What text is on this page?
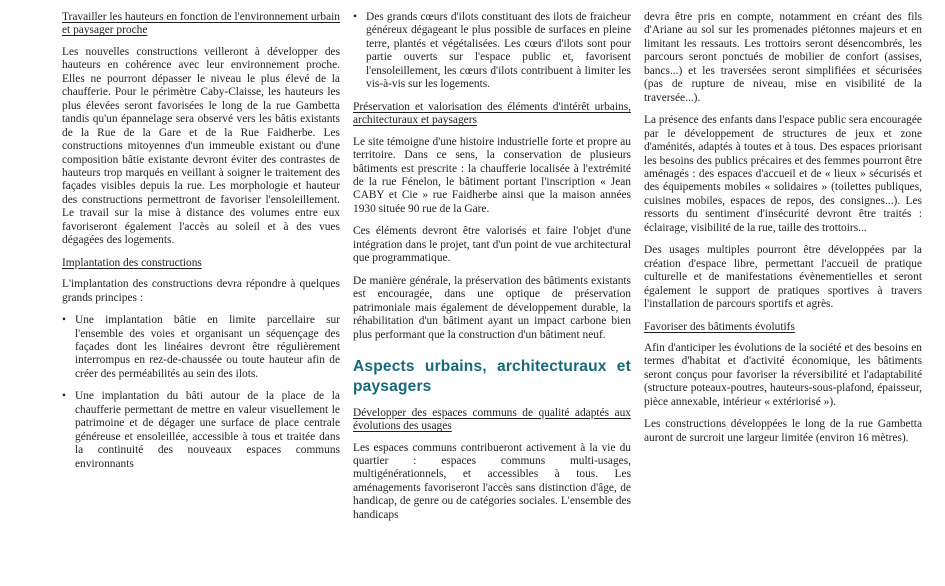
Travailler les hauteurs en fonction de l'environnement urbain et paysager proche

Les nouvelles constructions veilleront à développer des hauteurs en cohérence avec leur environnement proche. Elles ne pourront dépasser le niveau le plus élevé de la chaufferie. Pour le périmètre Caby-Claisse, les hauteurs les plus élevées seront favorisées le long de la rue Gambetta tandis qu'un épannelage sera observé vers les bâtis existants de la Rue de la Gare et de la Rue Faidherbe. Les constructions mitoyennes d'un immeuble existant ou d'une composition bâtie existante devront éviter des contrastes de hauteurs trop marqués en veillant à soigner le traitement des façades visibles depuis la rue. Les morphologie et hauteur des constructions permettront de favoriser l'ensoleillement. Le travail sur la mise à distance des volumes entre eux favoriseront également l'accès au soleil et à des vues dégagées des logements.

Implantation des constructions

L'implantation des constructions devra répondre à quelques grands principes :

• Une implantation bâtie en limite parcellaire sur l'ensemble des voies et organisant un séquençage des façades dont les linéaires devront être régulièrement interrompus en rez-de-chaussée ou toute hauteur afin de créer des perméabilités au sein des ilots.
• Une implantation du bâti autour de la place de la chaufferie permettant de mettre en valeur visuellement le patrimoine et de dégager une surface de place centrale généreuse et ensoleillée, accessible à tous et traitée dans la continuité des nouveaux espaces communs environnants
• Des grands cœurs d'ilots constituant des ilots de fraicheur généreux dégageant le plus possible de surfaces en pleine terre, plantés et végétalisées. Les cœurs d'ilots sont pour partie ouverts sur l'espace public et, favorisent l'ensoleillement, les cœurs d'ilots contribuent à limiter les vis-à-vis sur les logements.
Préservation et valorisation des éléments d'intérêt urbains, architecturaux et paysagers

Le site témoigne d'une histoire industrielle forte et propre au territoire. Dans ce sens, la conservation de plusieurs bâtiments est prescrite : la chaufferie localisée à l'extrémité de la rue Fénelon, le bâtiment portant l'inscription « Jean CABY et Cie » rue Faidherbe ainsi que la maison années 1930 située 90 rue de la Gare.

Ces éléments devront être valorisés et faire l'objet d'une intégration dans le projet, tant d'un point de vue architectural que programmatique.

De manière générale, la préservation des bâtiments existants est encouragée, dans une optique de préservation patrimoniale mais également de développement durable, la réhabilitation d'un bâtiment ayant un impact carbone bien plus performant que la construction d'un bâtiment neuf.

Aspects urbains, architecturaux et paysagers
Développer des espaces communs de qualité adaptés aux évolutions des usages

Les espaces communs contribueront activement à la vie du quartier : espaces communs multi-usages, multigénérationnels, et accessibles à tous. Les aménagements favoriseront l'accès sans distinction d'âge, de handicap, de genre ou de catégories sociales. L'ensemble des handicaps

devra être pris en compte, notamment en créant des fils d'Ariane au sol sur les promenades piétonnes majeurs et en limitant les ressauts. Les trottoirs seront désencombrés, les parcours seront ponctués de mobilier de confort (assises, bancs...) et les traversées seront simplifiées et sécurisées (pas de rupture de niveau, mise en visibilité de la traversée...).

La présence des enfants dans l'espace public sera encouragée par le développement de structures de jeux et zone d'aménités, adaptés à toutes et à tous. Des espaces priorisant les besoins des publics précaires et des femmes pourront être aménagés : des espaces d'accueil et de « lieux » sécurisés et des équipements mobiles « solidaires » (toilettes publiques, cuisines mobiles, espaces de repos, des consignes...). Les ressorts du sentiment d'insécurité devront être traités : éclairage, visibilité de la rue, taille des trottoirs...

Des usages multiples pourront être développées par la création d'espace libre, permettant l'accueil de pratique culturelle et de manifestations évènementielles et seront également le support de pratiques sportives à travers l'installation de parcours sportifs et agrès.

Favoriser des bâtiments évolutifs

Afin d'anticiper les évolutions de la société et des besoins en termes d'habitat et d'activité économique, les bâtiments seront conçus pour favoriser la réversibilité et l'adaptabilité (structure poteaux-poutres, hauteurs-sous-plafond, épaisseur, pièce annexable, intérieur « extériorisé »).

Les constructions développées le long de la rue Gambetta auront de surcroit une largeur limitée (environ 16 mètres).
